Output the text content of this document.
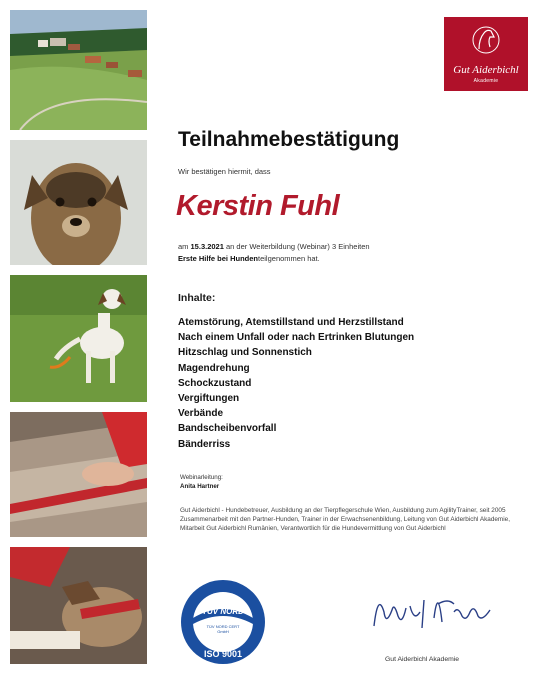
Gut Aiderbichl
Akademie
Teilnahmebestätigung
Wir bestätigen hiermit, dass
Kerstin Fuhl
am 15.3.2021 an der Weiterbildung (Webinar) 3 Einheiten
Erste Hilfe bei Hundenteilgenommen hat.
Inhalte:
Atemstörung, Atemstillstand und Herzstillstand
Nach einem Unfall oder nach Ertrinken Blutungen
Hitzschlag und Sonnenstich
Magendrehung
Schockzustand
Vergiftungen
Verbände
Bandscheibenvorfall
Bänderriss
Webinarleitung:
Anita Hartner
Gut Aiderbichl - Hundebetreuer, Ausbildung an der Tierpflegerschule Wien, Ausbildung zum AgilityTrainer, seit 2005 Zusammenarbeit mit den Partner-Hunden, Trainer in der Erwachsenenbildung, Leitung von Gut Aiderbichl Akademie, Mitarbeit Gut Aiderbichl Rumänien, Verantwortlich für die Hundevermittlung von Gut Aiderbichl
TÜV NORD
TÜV NORD CERT
GmbH
ISO 9001
Gut Aiderbichl Akademie
